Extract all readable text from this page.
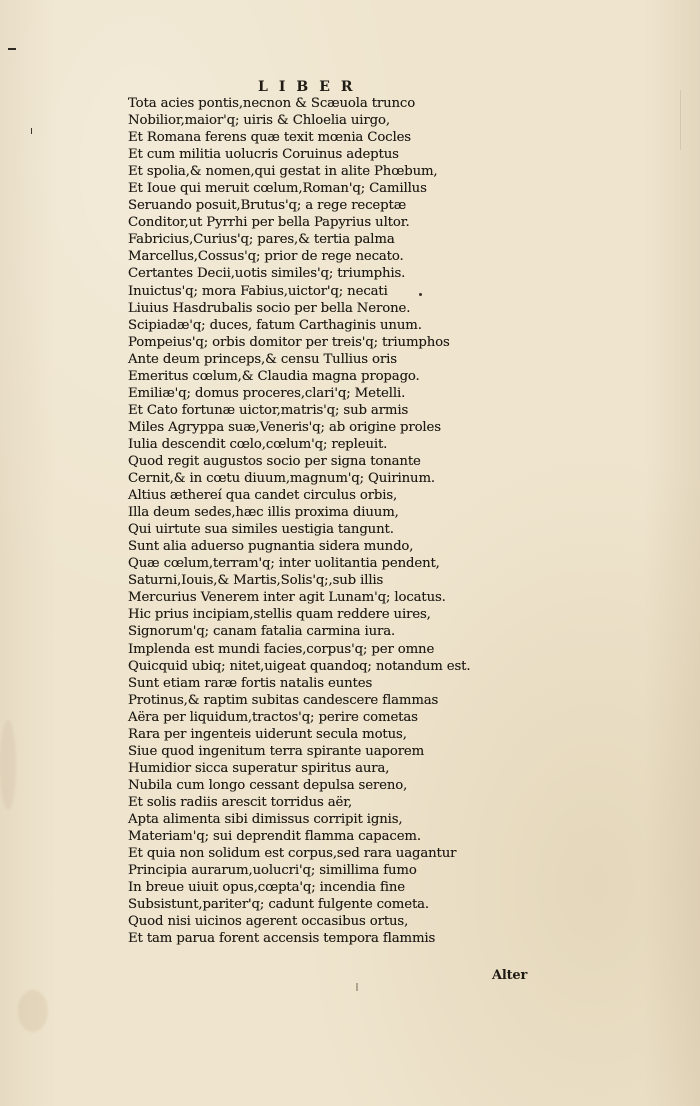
LIBER
Tota acies pontis,necnon & Scæuola trunco
Nobilior,maior'q; uiris & Chloelia uirgo,
Et Romana ferens quæ texit mœnia Cocles
Et cum militia uolucris Coruinus adeptus
Et spolia,& nomen,qui gestat in alite Phœbum,
Et Ioue qui meruit cœlum,Roman'q; Camillus
Seruando posuit,Brutus'q; a rege receptæ
Conditor,ut Pyrrhi per bella Papyrius ultor.
Fabricius,Curius'q; pares,& tertia palma
Marcellus,Cossus'q; prior de rege necato.
Certantes Decii,uotis similes'q; triumphis.
Inuictus'q; mora Fabius,uictor'q; necati
Liuius Hasdrubalis socio per bella Nerone.
Scipiadæ'q; duces, fatum Carthaginis unum.
Pompeius'q; orbis domitor per treis'q; triumphos
Ante deum princeps,& censu Tullius oris
Emeritus cœlum,& Claudia magna propago.
Emiliæ'q; domus proceres,clari'q; Metelli.
Et Cato fortunæ uictor,matris'q; sub armis
Miles Agryppa suæ,Veneris'q; ab origine proles
Iulia descendit cœlo,cœlum'q; repleuit.
Quod regit augustos socio per signa tonante
Cernit,& in cœtu diuum,magnum'q; Quirinum.
Altius æthereí qua candet circulus orbis,
Illa deum sedes,hæc illis proxima diuum,
Qui uirtute sua similes uestigia tangunt.
Sunt alia aduerso pugnantia sidera mundo,
Quæ cœlum,terram'q; inter uolitantia pendent,
Saturni,Iouis,& Martis,Solis'q;,sub illis
Mercurius Venerem inter agit Lunam'q; locatus.
Hic prius incipiam,stellis quam reddere uires,
Signorum'q; canam fatalia carmina iura.
Implenda est mundi facies,corpus'q; per omne
Quicquid ubiq; nitet,uigeat quandoq; notandum est.
Sunt etiam raræ fortis natalis euntes
Protinus,& raptim subitas candescere flammas
Aëra per liquidum,tractos'q; perire cometas
Rara per ingenteis uiderunt secula motus,
Siue quod ingenitum terra spirante uaporem
Humidior sicca superatur spiritus aura,
Nubila cum longo cessant depulsa sereno,
Et solis radiis arescit torridus aër,
Apta alimenta sibi dimissus corripit ignis,
Materiam'q; sui deprendit flamma capacem.
Et quia non solidum est corpus,sed rara uagantur
Principia aurarum,uolucri'q; simillima fumo
In breue uiuit opus,cœpta'q; incendia fine
Subsistunt,pariter'q; cadunt fulgente cometa.
Quod nisi uicinos agerent occasibus ortus,
Et tam parua forent accensis tempora flammis
Alter
